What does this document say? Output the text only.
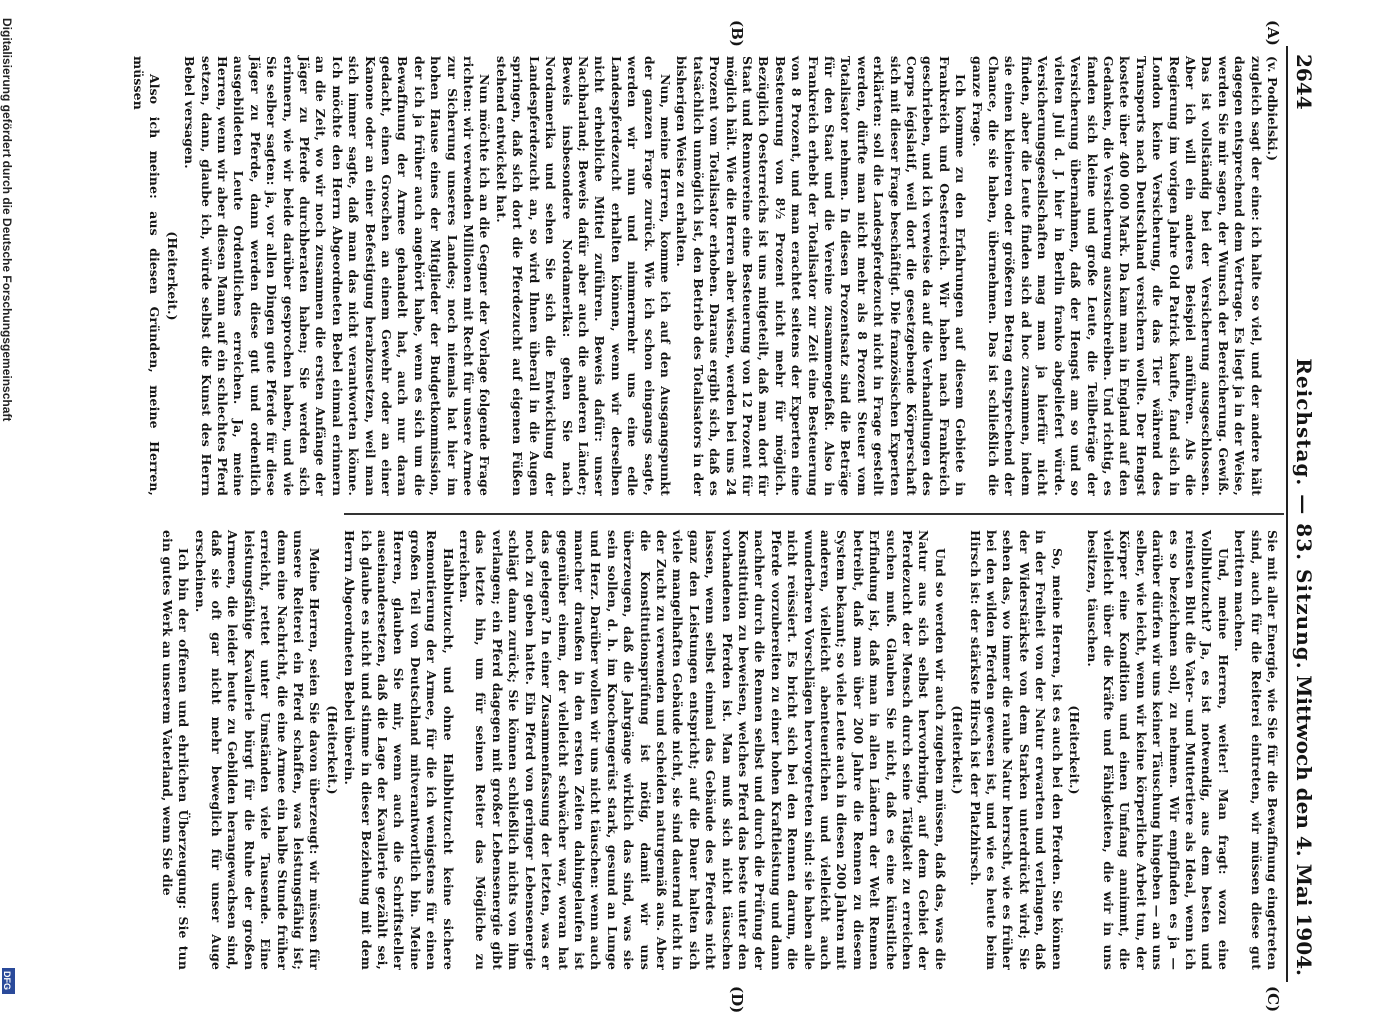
2644
Reichstag. — 83. Sitzung.
Mittwoch den 4. Mai 1904.
(A)
(B)
(C)
(D)

(v. Podbielski.)

zugleich sagt der eine: ich halte so viel, und der andere hält dagegen entsprechend dem Vertrage. Es liegt ja in der Weise, werden Sie mir sagen, der Wunsch der Bereicherung. Gewiß. Das ist vollständig bei der Versicherung ausgeschlossen. Aber ich will ein anderes Beispiel anführen. Als die Regierung im vorigen Jahre Old Patrick kaufte, fand sich in London keine Versicherung, die das Tier während des Transports nach Deutschland versichern wollte. Der Hengst kostete über 400 000 Mark. Da kam man in England auf den Gedanken, die Versicherung auszuschreiben. Und richtig, es fanden sich kleine und große Leute, die Teilbeträge der Versicherung übernahmen, daß der Hengst am so und so vielten Juli d. J. hier in Berlin franko abgeliefert würde. Versicherungsgesellschaften mag man ja hierfür nicht finden, aber die Leute finden sich ad hoc zusammen, indem sie einen kleineren oder größeren Betrag entsprechend der Chance, die sie haben, übernehmen. Das ist schließlich die ganze Frage.

Ich komme zu den Erfahrungen auf diesem Gebiete in Frankreich und Oesterreich. Wir haben nach Frankreich geschrieben, und ich verweise da auf die Verhandlungen des Corps législatif, weil dort die gesetzgebende Körperschaft sich mit dieser Frage beschäftigt. Die französischen Experten erklärten: soll die Landespferdezucht nicht in Frage gestellt werden, dürfte man nicht mehr als 8 Prozent Steuer vom Totalisator nehmen. In diesen Prozentsatz sind die Beträge für den Staat und die Vereine zusammengefaßt. Also in Frankreich erhebt der Totalisator zur Zeit eine Besteuerung von 8 Prozent, und man erachtet seitens der Experten eine Besteuerung von 8½ Prozent nicht mehr für möglich. Bezüglich Oesterreichs ist uns mitgeteilt, daß man dort für Staat und Rennvereine eine Besteuerung von 12 Prozent für möglich hält. Wie die Herren aber wissen, werden bei uns 24 Prozent vom Totalisator erhoben. Daraus ergibt sich, daß es tatsächlich unmöglich ist, den Betrieb des Totalisators in der bisherigen Weise zu erhalten.

Nun, meine Herren, komme ich auf den Ausgangspunkt der ganzen Frage zurück. Wie ich schon eingangs sagte, werden wir nun und nimmermehr uns eine edle Landespferdezucht erhalten können, wenn wir derselben nicht erhebliche Mittel zuführen. Beweis dafür: unser Nachbarland; Beweis dafür aber auch die anderen Länder; Beweis insbesondere Nordamerika: gehen Sie nach Nordamerika und sehen Sie sich die Entwicklung der Landespferdezucht an, so wird Ihnen überall in die Augen springen, daß sich dort die Pferdezucht auf eigenen Füßen stehend entwickelt hat.

Nun möchte ich an die Gegner der Vorlage folgende Frage richten: wir verwenden Millionen mit Recht für unsere Armee zur Sicherung unseres Landes; noch niemals hat hier im hohen Hause eines der Mitglieder der Budgetkommission, der ich ja früher auch angehört habe, wenn es sich um die Bewaffnung der Armee gehandelt hat, auch nur daran gedacht, einen Groschen an einem Gewehr oder an einer Kanone oder an einer Befestigung herabzusetzen, weil man sich immer sagte, daß man das nicht verantworten könne. Ich möchte den Herrn Abgeordneten Bebel einmal erinnern an die Zeit, wo wir noch zusammen die ersten Anfänge der Jäger zu Pferde durchberaten haben; Sie werden sich erinnern, wie wir beide darüber gesprochen haben, und wie Sie selber sagten: ja, vor allen Dingen gute Pferde für diese Jäger zu Pferde, dann werden diese gut und ordentlich ausgebildeten Leute Ordentliches erreichen. Ja, meine Herren, wenn wir aber diesen Mann auf ein schlechtes Pferd setzen, dann, glaube ich, würde selbst die Kunst des Herrn Bebel versagen.

(Heiterkeit.)

Also ich meine: aus diesen Gründen, meine Herren, müssen

Sie mit aller Energie, wie Sie für die Bewaffnung eingetreten sind, auch für die Reiterei eintreten, wir müssen diese gut beritten machen.

Und, meine Herren, weiter! Man fragt: wozu eine Vollblutzucht? Ja, es ist notwendig, aus dem besten und reinsten Blut die Vater- und Muttertiere als Ideal, wenn ich es so bezeichnen soll, zu nehmen. Wir empfinden es ja — darüber dürfen wir uns keiner Täuschung hingeben — an uns selber, wie leicht, wenn wir keine körperliche Arbeit tun, der Körper eine Kondition und einen Umfang annimmt, die vielleicht über die Kräfte und Fähigkeiten, die wir in uns besitzen, täuschen.

(Heiterkeit.)

So, meine Herren, ist es auch bei den Pferden. Sie können in der Freiheit von der Natur erwarten und verlangen, daß der Widerstärkste von dem Starken unterdrückt wird; Sie sehen das, wo immer die rauhe Natur herrscht, wie es früher bei den wilden Pferden gewesen ist, und wie es heute beim Hirsch ist: der stärkste Hirsch ist der Platzhirsch.

(Heiterkeit.)

Und so werden wir auch zugeben müssen, daß das, was die Natur aus sich selbst hervorbringt, auf dem Gebiet der Pferdezucht der Mensch durch seine Tätigkeit zu erreichen suchen muß. Glauben Sie nicht, daß es eine künstliche Erfindung ist, daß man in allen Ländern der Welt Rennen betreibt, daß man über 200 Jahre die Rennen zu diesem System bekannt; so viele Leute auch in diesen 200 Jahren mit anderen, vielleicht abenteuerlichen und vielleicht auch wunderbaren Vorschlägen hervorgetreten sind: sie haben alle nicht reüssiert. Es bricht sich bei den Rennen darum, die Pferde vorzubereiten zu einer hohen Kraftleistung und dann nachher durch die Rennen selbst und durch die Prüfung der Konstitution zu beweisen, welches Pferd das beste unter den vorhandenen Pferden ist. Man muß sich nicht täuschen lassen, wenn selbst einmal das Gebäude des Pferdes nicht ganz den Leistungen entspricht; auf die Dauer halten sich viele mangelhaften Gebäude nicht, sie sind dauernd nicht in der Zucht zu verwenden und scheiden naturgemäß aus. Aber die Konstitutionsprüfung ist nötig, damit wir uns überzeugen, daß die Jahrgänge wirklich das sind, was sie sein sollen, d. h. im Knochengerüst stark, gesund an Lunge und Herz. Darüber wollen wir uns nicht täuschen: wenn auch mancher draußen in den ersten Zeiten dahingelaufen ist gegenüber einem, der vielleicht schwächer war, woran hat das gelegen? In einer Zusammenfassung der letzten, was er noch zu geben hatte. Ein Pferd von geringer Lebensenergie schlägt dann zurück; Sie können schließlich nichts von ihm verlangen; ein Pferd dagegen mit großer Lebensenergie gibt das letzte hin, um für seinen Reiter das Mögliche zu erreichen.

Halbblutzucht, und ohne Halbblutzucht keine sichere Remontierung der Armee, für die ich wenigstens für einen großen Teil von Deutschland mitverantwortlich bin. Meine Herren, glauben Sie mir, wenn auch die Schriftsteller auseinandersetzen, daß die Lage der Kavallerie gezählt sei, ich glaube es nicht und stimme in dieser Beziehung mit dem Herrn Abgeordneten Bebel überein.

(Heiterkeit.)

Meine Herren, seien Sie davon überzeugt: wir müssen für unsere Reiterei ein Pferd schaffen, was leistungsfähig ist; denn eine Nachricht, die eine Armee ein halbe Stunde früher erreicht, rettet unter Umständen viele Tausende. Eine leistungsfähige Kavallerie bürgt für die Ruhe der großen Armeen, die leider heute zu Gebilden herangewachsen sind, daß sie oft gar nicht mehr beweglich für unser Auge erscheinen.

Ich bin der offenen und ehrlichen Überzeugung: Sie tun ein gutes Werk an unserem Vaterland, wenn Sie die

Digitalisierung gefördert durch die Deutsche Forschungsgemeinschaft
DFG
